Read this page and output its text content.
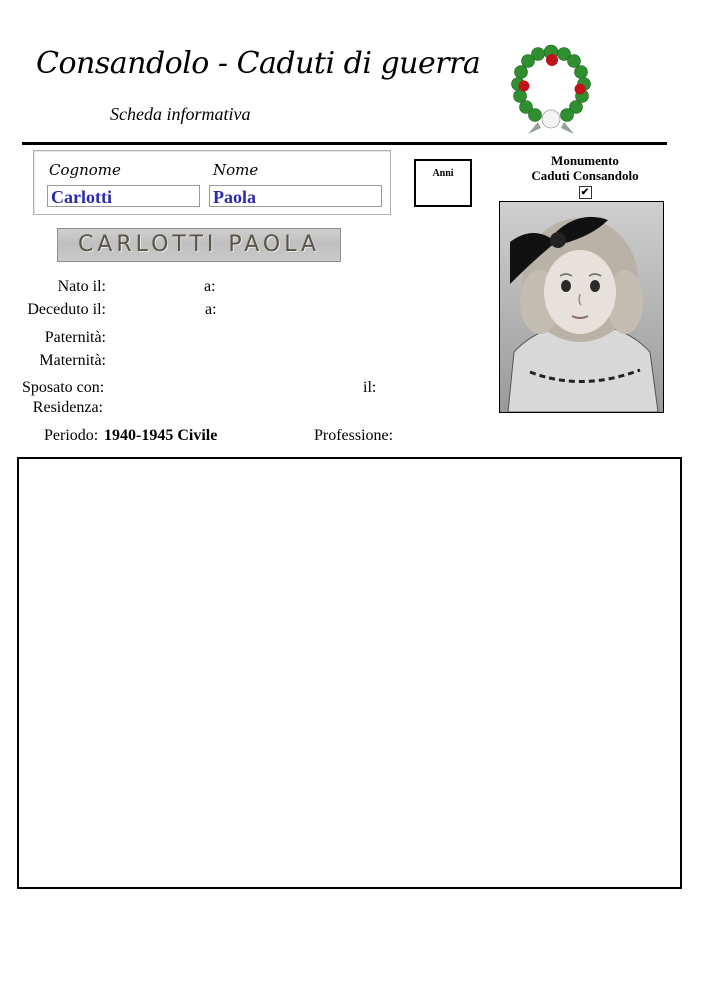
Consandolo - Caduti di guerra
Scheda informativa
Cognome
Carlotti
Nome
Paola
Anni
Monumento
Caduti Consandolo
✔
CARLOTTI PAOLA
Nato il:	a:
Deceduto il:	a:
Paternità:
Maternità:
Sposato con:	il:
Residenza:
Periodo: 1940-1945 Civile	Professione:
